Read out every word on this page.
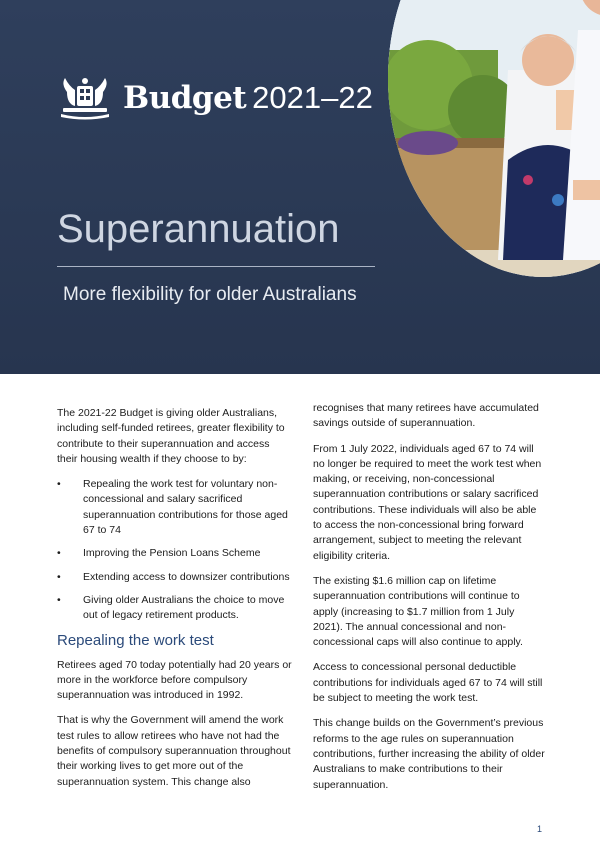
Budget 2021–22
Superannuation
More flexibility for older Australians

The 2021-22 Budget is giving older Australians, including self-funded retirees, greater flexibility to contribute to their superannuation and access their housing wealth if they choose to by:

• Repealing the work test for voluntary non-concessional and salary sacrificed superannuation contributions for those aged 67 to 74
• Improving the Pension Loans Scheme
• Extending access to downsizer contributions
• Giving older Australians the choice to move out of legacy retirement products.
Repealing the work test

Retirees aged 70 today potentially had 20 years or more in the workforce before compulsory superannuation was introduced in 1992.

That is why the Government will amend the work test rules to allow retirees who have not had the benefits of compulsory superannuation throughout their working lives to get more out of the superannuation system. This change also

recognises that many retirees have accumulated savings outside of superannuation.

From 1 July 2022, individuals aged 67 to 74 will no longer be required to meet the work test when making, or receiving, non-concessional superannuation contributions or salary sacrificed contributions. These individuals will also be able to access the non-concessional bring forward arrangement, subject to meeting the relevant eligibility criteria.

The existing $1.6 million cap on lifetime superannuation contributions will continue to apply (increasing to $1.7 million from 1 July 2021). The annual concessional and non-concessional caps will also continue to apply.

Access to concessional personal deductible contributions for individuals aged 67 to 74 will still be subject to meeting the work test.

This change builds on the Government’s previous reforms to the age rules on superannuation contributions, further increasing the ability of older Australians to make contributions to their superannuation.

1
